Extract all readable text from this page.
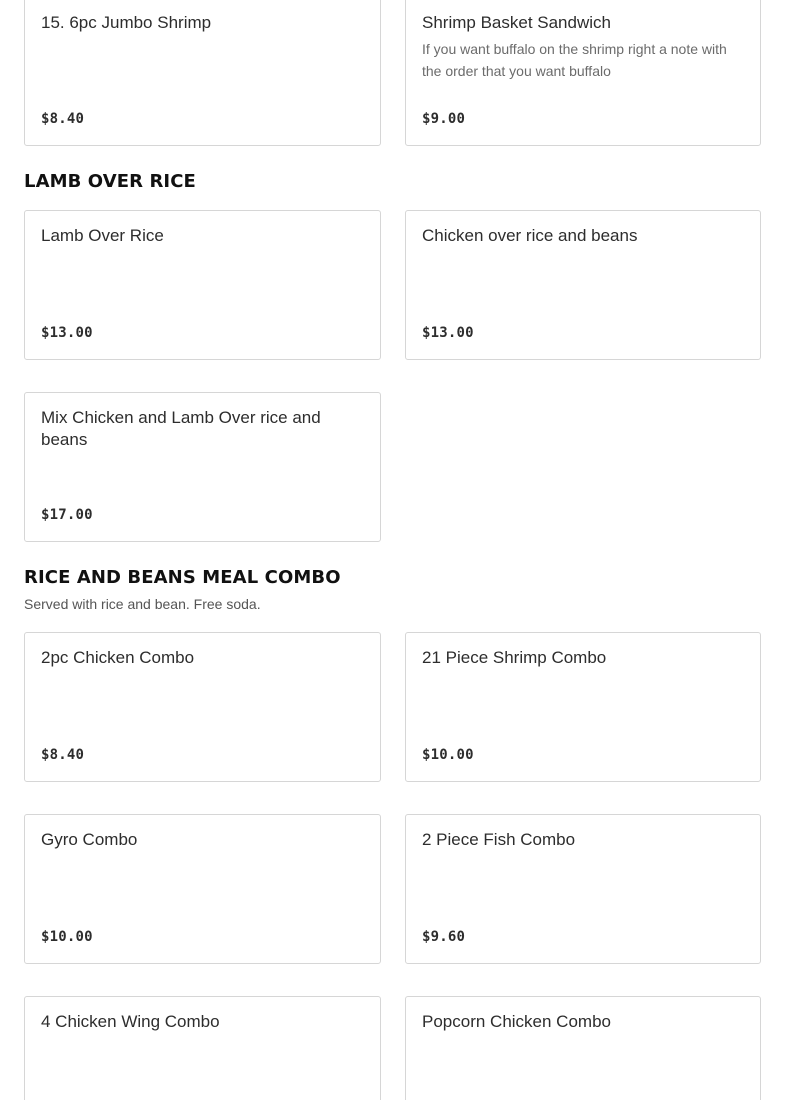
15. 6pc Jumbo Shrimp
$8.40
Shrimp Basket Sandwich
If you want buffalo on the shrimp right a note with the order that you want buffalo
$9.00
LAMB OVER RICE
Lamb Over Rice
$13.00
Chicken over rice and beans
$13.00
Mix Chicken and Lamb Over rice and beans
$17.00
RICE AND BEANS MEAL COMBO

Served with rice and bean. Free soda.

2pc Chicken Combo
$8.40
21 Piece Shrimp Combo
$10.00
Gyro Combo
$10.00
2 Piece Fish Combo
$9.60
4 Chicken Wing Combo	Popcorn Chicken Combo
